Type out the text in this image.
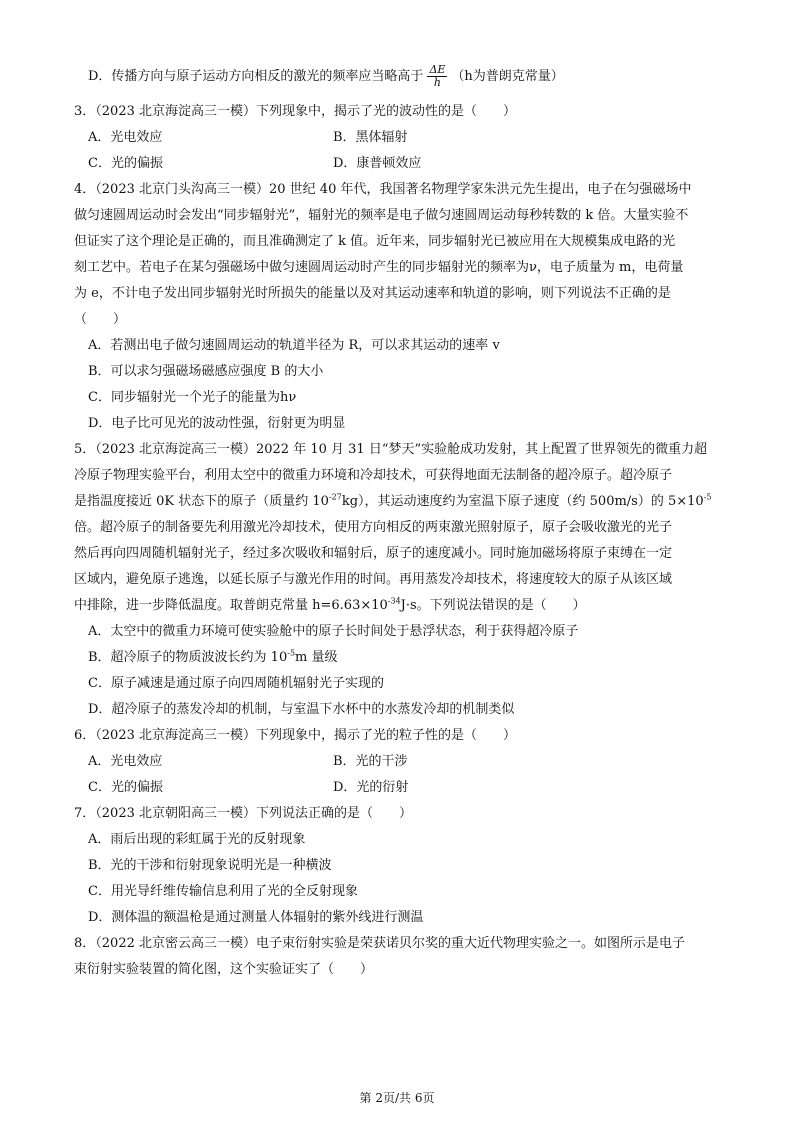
D．传播方向与原子运动方向相反的激光的频率应当略高于 $\frac{\Delta E}{h} (h$为普朗克常量）
3．（2023 北京海淀高三一模）下列现象中，揭示了光的波动性的是（　　）
A．光电效应	B．黑体辐射
C．光的偏振	D．康普顿效应
4．（2023 北京门头沟高三一模）20 世纪 40 年代，我国著名物理学家朱洪元先生提出，电子在匀强磁场中
做匀速圆周运动时会发出“同步辐射光”，辐射光的频率是电子做匀速圆周运动每秒转数的 k 倍。大量实验不
但证实了这个理论是正确的，而且准确测定了 k 值。近年来，同步辐射光已被应用在大规模集成电路的光
刻工艺中。若电子在某匀强磁场中做匀速圆周运动时产生的同步辐射光的频率为ν，电子质量为 m，电荷量
为 e，不计电子发出同步辐射光时所损失的能量以及对其运动速率和轨道的影响，则下列说法不正确的是
（　　）
A．若测出电子做匀速圆周运动的轨道半径为 R，可以求其运动的速率 v
B．可以求匀强磁场磁感应强度 B 的大小
C．同步辐射光一个光子的能量为hν
D．电子比可见光的波动性强，衍射更为明显
5．（2023 北京海淀高三一模）2022 年 10 月 31 日“梦天”实验舱成功发射，其上配置了世界领先的微重力超
冷原子物理实验平台，利用太空中的微重力环境和冷却技术，可获得地面无法制备的超冷原子。超冷原子
是指温度接近 0K 状态下的原子（质量约 $10^{-27}kg$），其运动速度约为室温下原子速度（约 500m/s）的 $5\times 10^{-5}$
倍。超冷原子的制备要先利用激光冷却技术，使用方向相反的两束激光照射原子，原子会吸收激光的光子
然后再向四周随机辐射光子，经过多次吸收和辐射后，原子的速度减小。同时施加磁场将原子束缚在一定
区域内，避免原子逃逸，以延长原子与激光作用的时间。再用蒸发冷却技术，将速度较大的原子从该区域
中排除，进一步降低温度。取普朗克常量 $h=6.63\times 10^{-34}J\cdot s$。下列说法错误的是（　　）
A．太空中的微重力环境可使实验舱中的原子长时间处于悬浮状态，利于获得超冷原子
B．超冷原子的物质波波长约为 $10^{-5}m$ 量级
C．原子减速是通过原子向四周随机辐射光子实现的
D．超冷原子的蒸发冷却的机制，与室温下水杯中的水蒸发冷却的机制类似
6．（2023 北京海淀高三一模）下列现象中，揭示了光的粒子性的是（　　）
A．光电效应	B．光的干涉
C．光的偏振	D．光的衍射
7．（2023 北京朝阳高三一模）下列说法正确的是（　　）
A．雨后出现的彩虹属于光的反射现象
B．光的干涉和衍射现象说明光是一种横波
C．用光导纤维传输信息利用了光的全反射现象
D．测体温的额温枪是通过测量人体辐射的紫外线进行测温
8．（2022 北京密云高三一模）电子束衍射实验是荣获诺贝尔奖的重大近代物理实验之一。如图所示是电子
束衍射实验装置的简化图，这个实验证实了（　　）
第 2页/共 6页
